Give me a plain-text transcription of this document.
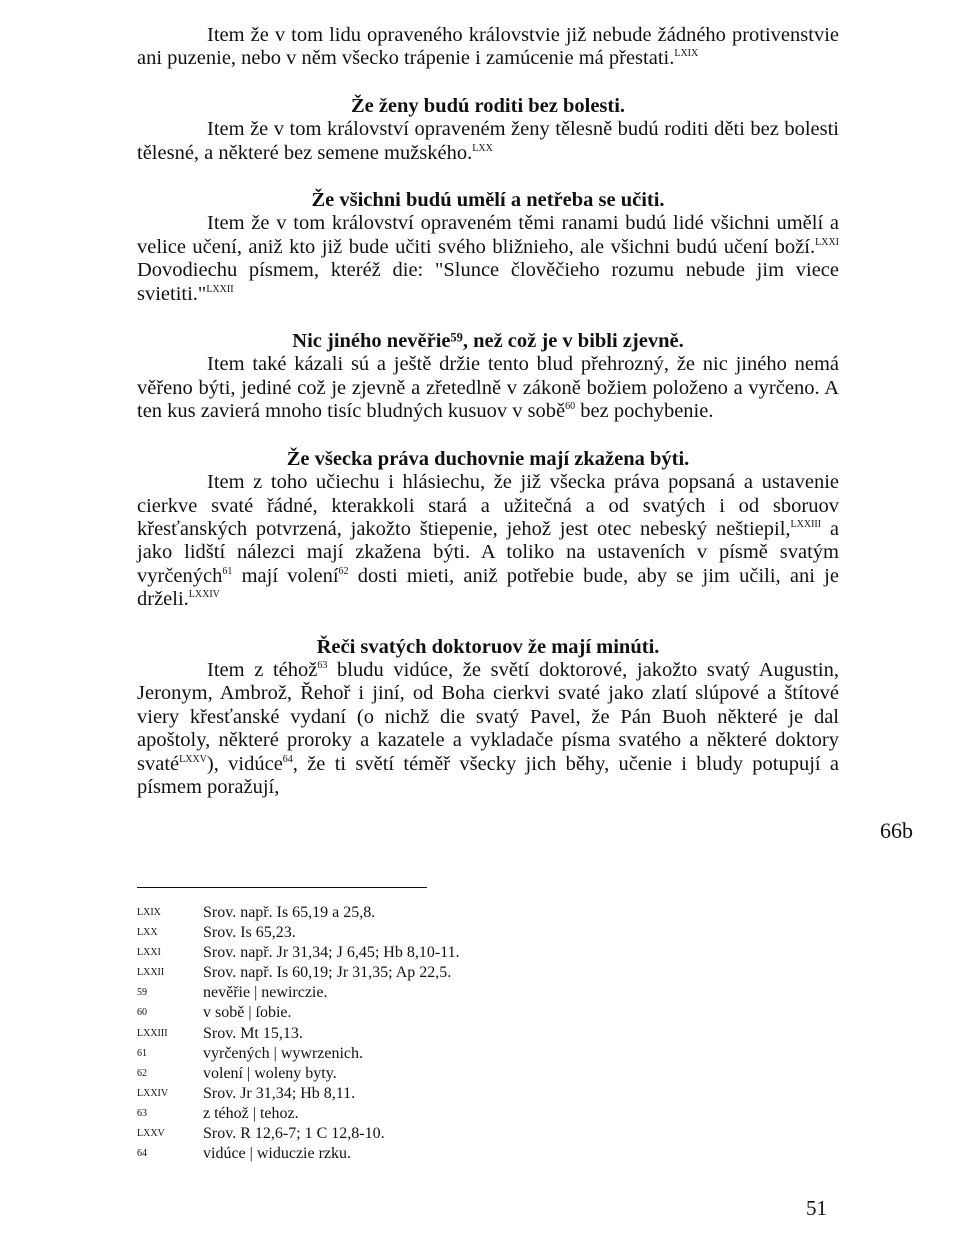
Item že v tom lidu opraveného královstvie již nebude žádného protivenstvie ani puzenie, nebo v něm všecko trápenie i zamúcenie má přestati.$^{LXIX}$

Že ženy budú roditi bez bolesti.

Item že v tom království opraveném ženy tělesně budú roditi děti bez bolesti tělesné, a některé bez semene mužského.$^{LXX}$

Že všichni budú umělí a netřeba se učiti.

Item že v tom království opraveném těmi ranami budú lidé všichni umělí a velice učení, aniž kto již bude učiti svého bližnieho, ale všichni budú učení boží.$^{LXXI}$ Dovodiechu písmem, kteréž die: "Slunce člověčieho rozumu nebude jim viece svietiti."$^{LXXII}$

Nic jiného nevěřie⁵⁹, než což je v bibli zjevně.

Item také kázali sú a ještě držie tento blud přehrozný, že nic jiného nemá věřeno býti, jediné což je zjevně a zřetedlně v zákoně božiem položeno a vyrčeno. A ten kus zavierá mnoho tisíc bludných kusuov v sobě$^{60}$ bez pochybenie.

Že všecka práva duchovnie mají zkažena býti.

Item z toho učiechu i hlásiechu, že již všecka práva popsaná a ustavenie cierkve svaté řádné, kterakkoli stará a užitečná a od svatých i od sboruov křesťanských potvrzená, jakožto štiepenie, jehož jest otec nebeský neštiepil,$^{LXXIII}$ a jako lidští nálezci mají zkažena býti. A toliko na ustaveních v písmě svatým vyrčených$^{61}$ mají volení$^{62}$ dosti mieti, aniž potřebie bude, aby se jim učili, ani je drželi.$^{LXXIV}$

Řeči svatých doktoruov že mají minúti.

Item z téhož$^{63}$ bludu vidúce, že světí doktorové, jakožto svatý Augustin, Jeronym, Ambrož, Řehoř i jiní, od Boha cierkvi svaté jako zlatí slúpové a štítové viery křesťanské vydaní (o nichž die svatý Pavel, že Pán Buoh některé je dal apoštoly, některé proroky a kazatele a vykladače písma svatého a některé doktory svaté$^{LXXV}$), vidúce$^{64}$, že ti světí téměř všecky jich běhy, učenie i bludy potupují a písmem poražují,

66b
LXIX	Srov. např. Is 65,19 a 25,8.
LXX	Srov. Is 65,23.
LXXI	Srov. např. Jr 31,34; J 6,45; Hb 8,10-11.
LXXII	Srov. např. Is 60,19; Jr 31,35; Ap 22,5.
59	nevěřie | newirczie.
60	v sobě | ſobie.
LXXIII	Srov. Mt 15,13.
61	vyrčených | wywrzenich.
62	volení | woleny byty.
LXXIV	Srov. Jr 31,34; Hb 8,11.
63	z téhož | tehoz.
LXXV	Srov. R 12,6-7; 1 C 12,8-10.
64	vidúce | widuczie rzku.
51
